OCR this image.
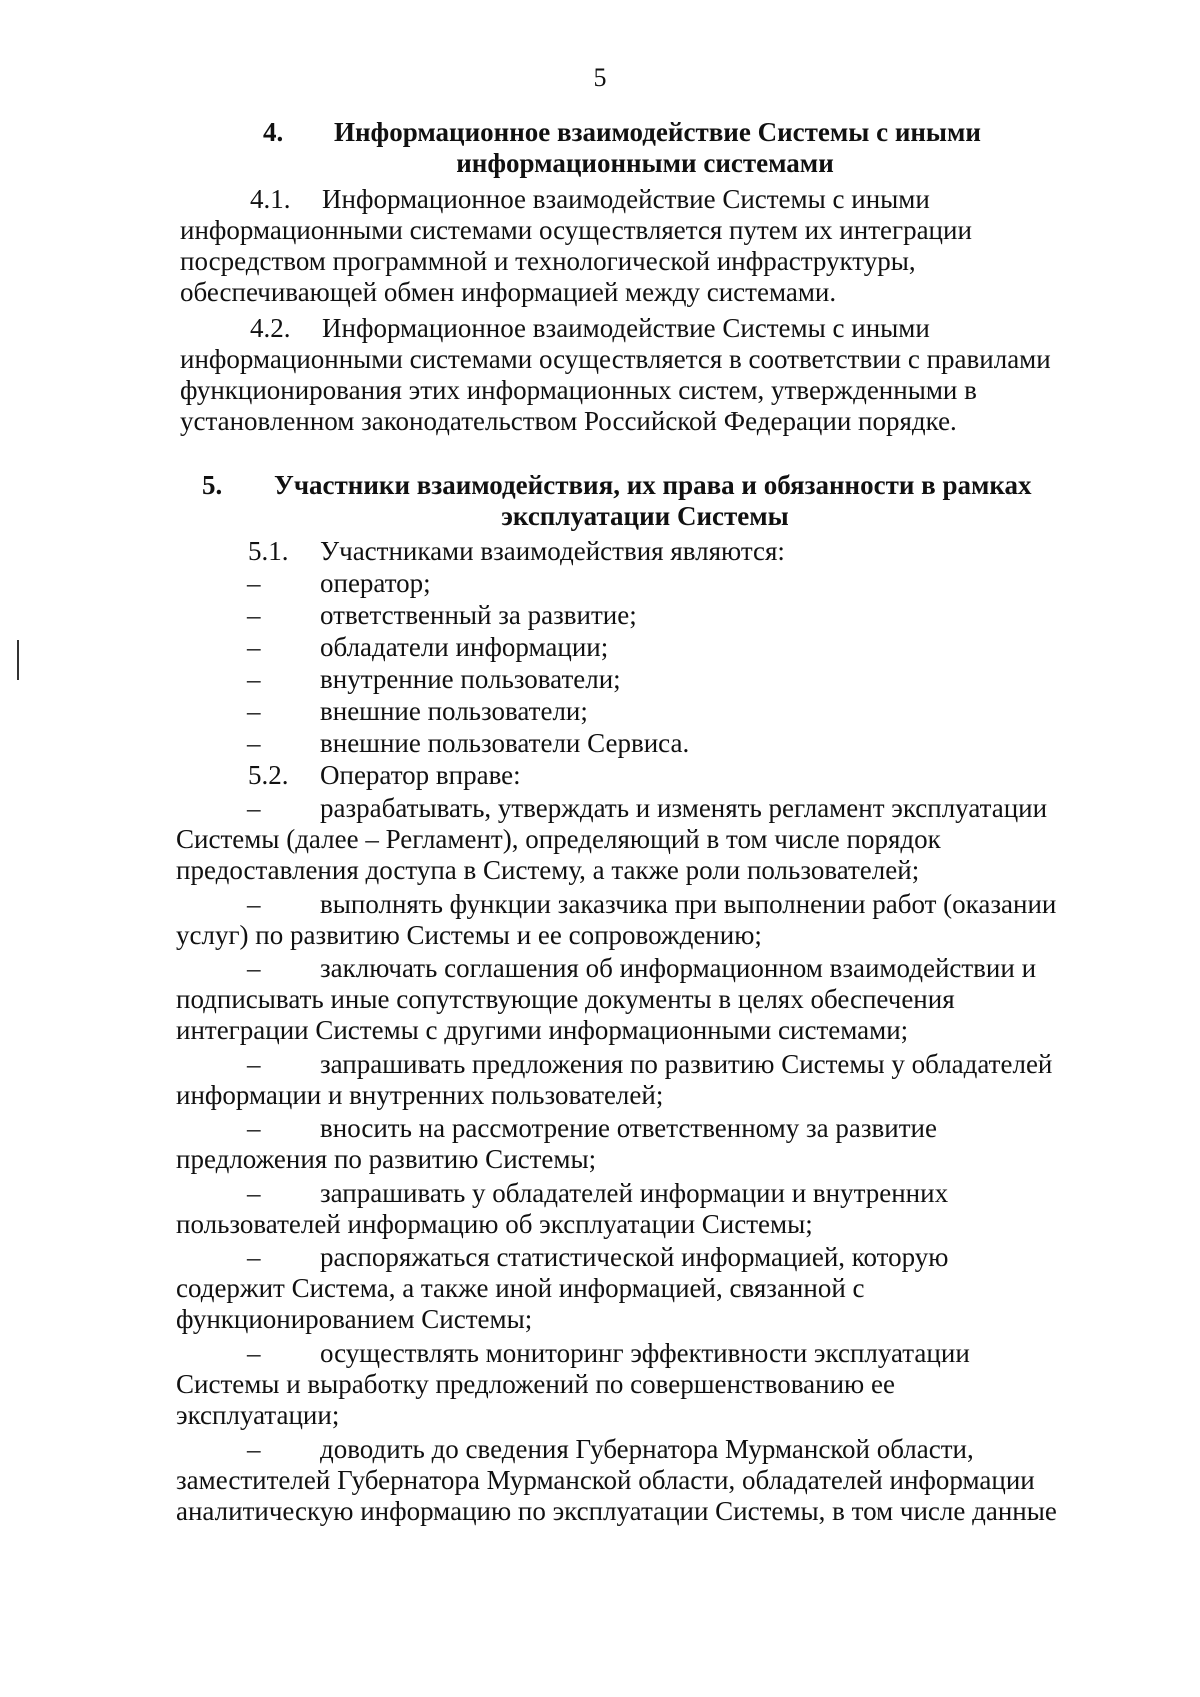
5
4. Информационное взаимодействие Системы с иными
информационными системами
4.1. Информационное взаимодействие Системы с иными
информационными системами осуществляется путем их интеграции
посредством программной и технологической инфраструктуры,
обеспечивающей обмен информацией между системами.
4.2. Информационное взаимодействие Системы с иными
информационными системами осуществляется в соответствии с правилами
функционирования этих информационных систем, утвержденными в
установленном законодательством Российской Федерации порядке.
5. Участники взаимодействия, их права и обязанности в рамках
эксплуатации Системы
5.1. Участниками взаимодействия являются:
– оператор;
– ответственный за развитие;
– обладатели информации;
– внутренние пользователи;
– внешние пользователи;
– внешние пользователи Сервиса.
5.2. Оператор вправе:
– разрабатывать, утверждать и изменять регламент эксплуатации
Системы (далее – Регламент), определяющий в том числе порядок
предоставления доступа в Систему, а также роли пользователей;
– выполнять функции заказчика при выполнении работ (оказании
услуг) по развитию Системы и ее сопровождению;
– заключать соглашения об информационном взаимодействии и
подписывать иные сопутствующие документы в целях обеспечения
интеграции Системы с другими информационными системами;
– запрашивать предложения по развитию Системы у обладателей
информации и внутренних пользователей;
– вносить на рассмотрение ответственному за развитие
предложения по развитию Системы;
– запрашивать у обладателей информации и внутренних
пользователей информацию об эксплуатации Системы;
– распоряжаться статистической информацией, которую
содержит Система, а также иной информацией, связанной с
функционированием Системы;
– осуществлять мониторинг эффективности эксплуатации
Системы и выработку предложений по совершенствованию ее
эксплуатации;
– доводить до сведения Губернатора Мурманской области,
заместителей Губернатора Мурманской области, обладателей информации
аналитическую информацию по эксплуатации Системы, в том числе данные
